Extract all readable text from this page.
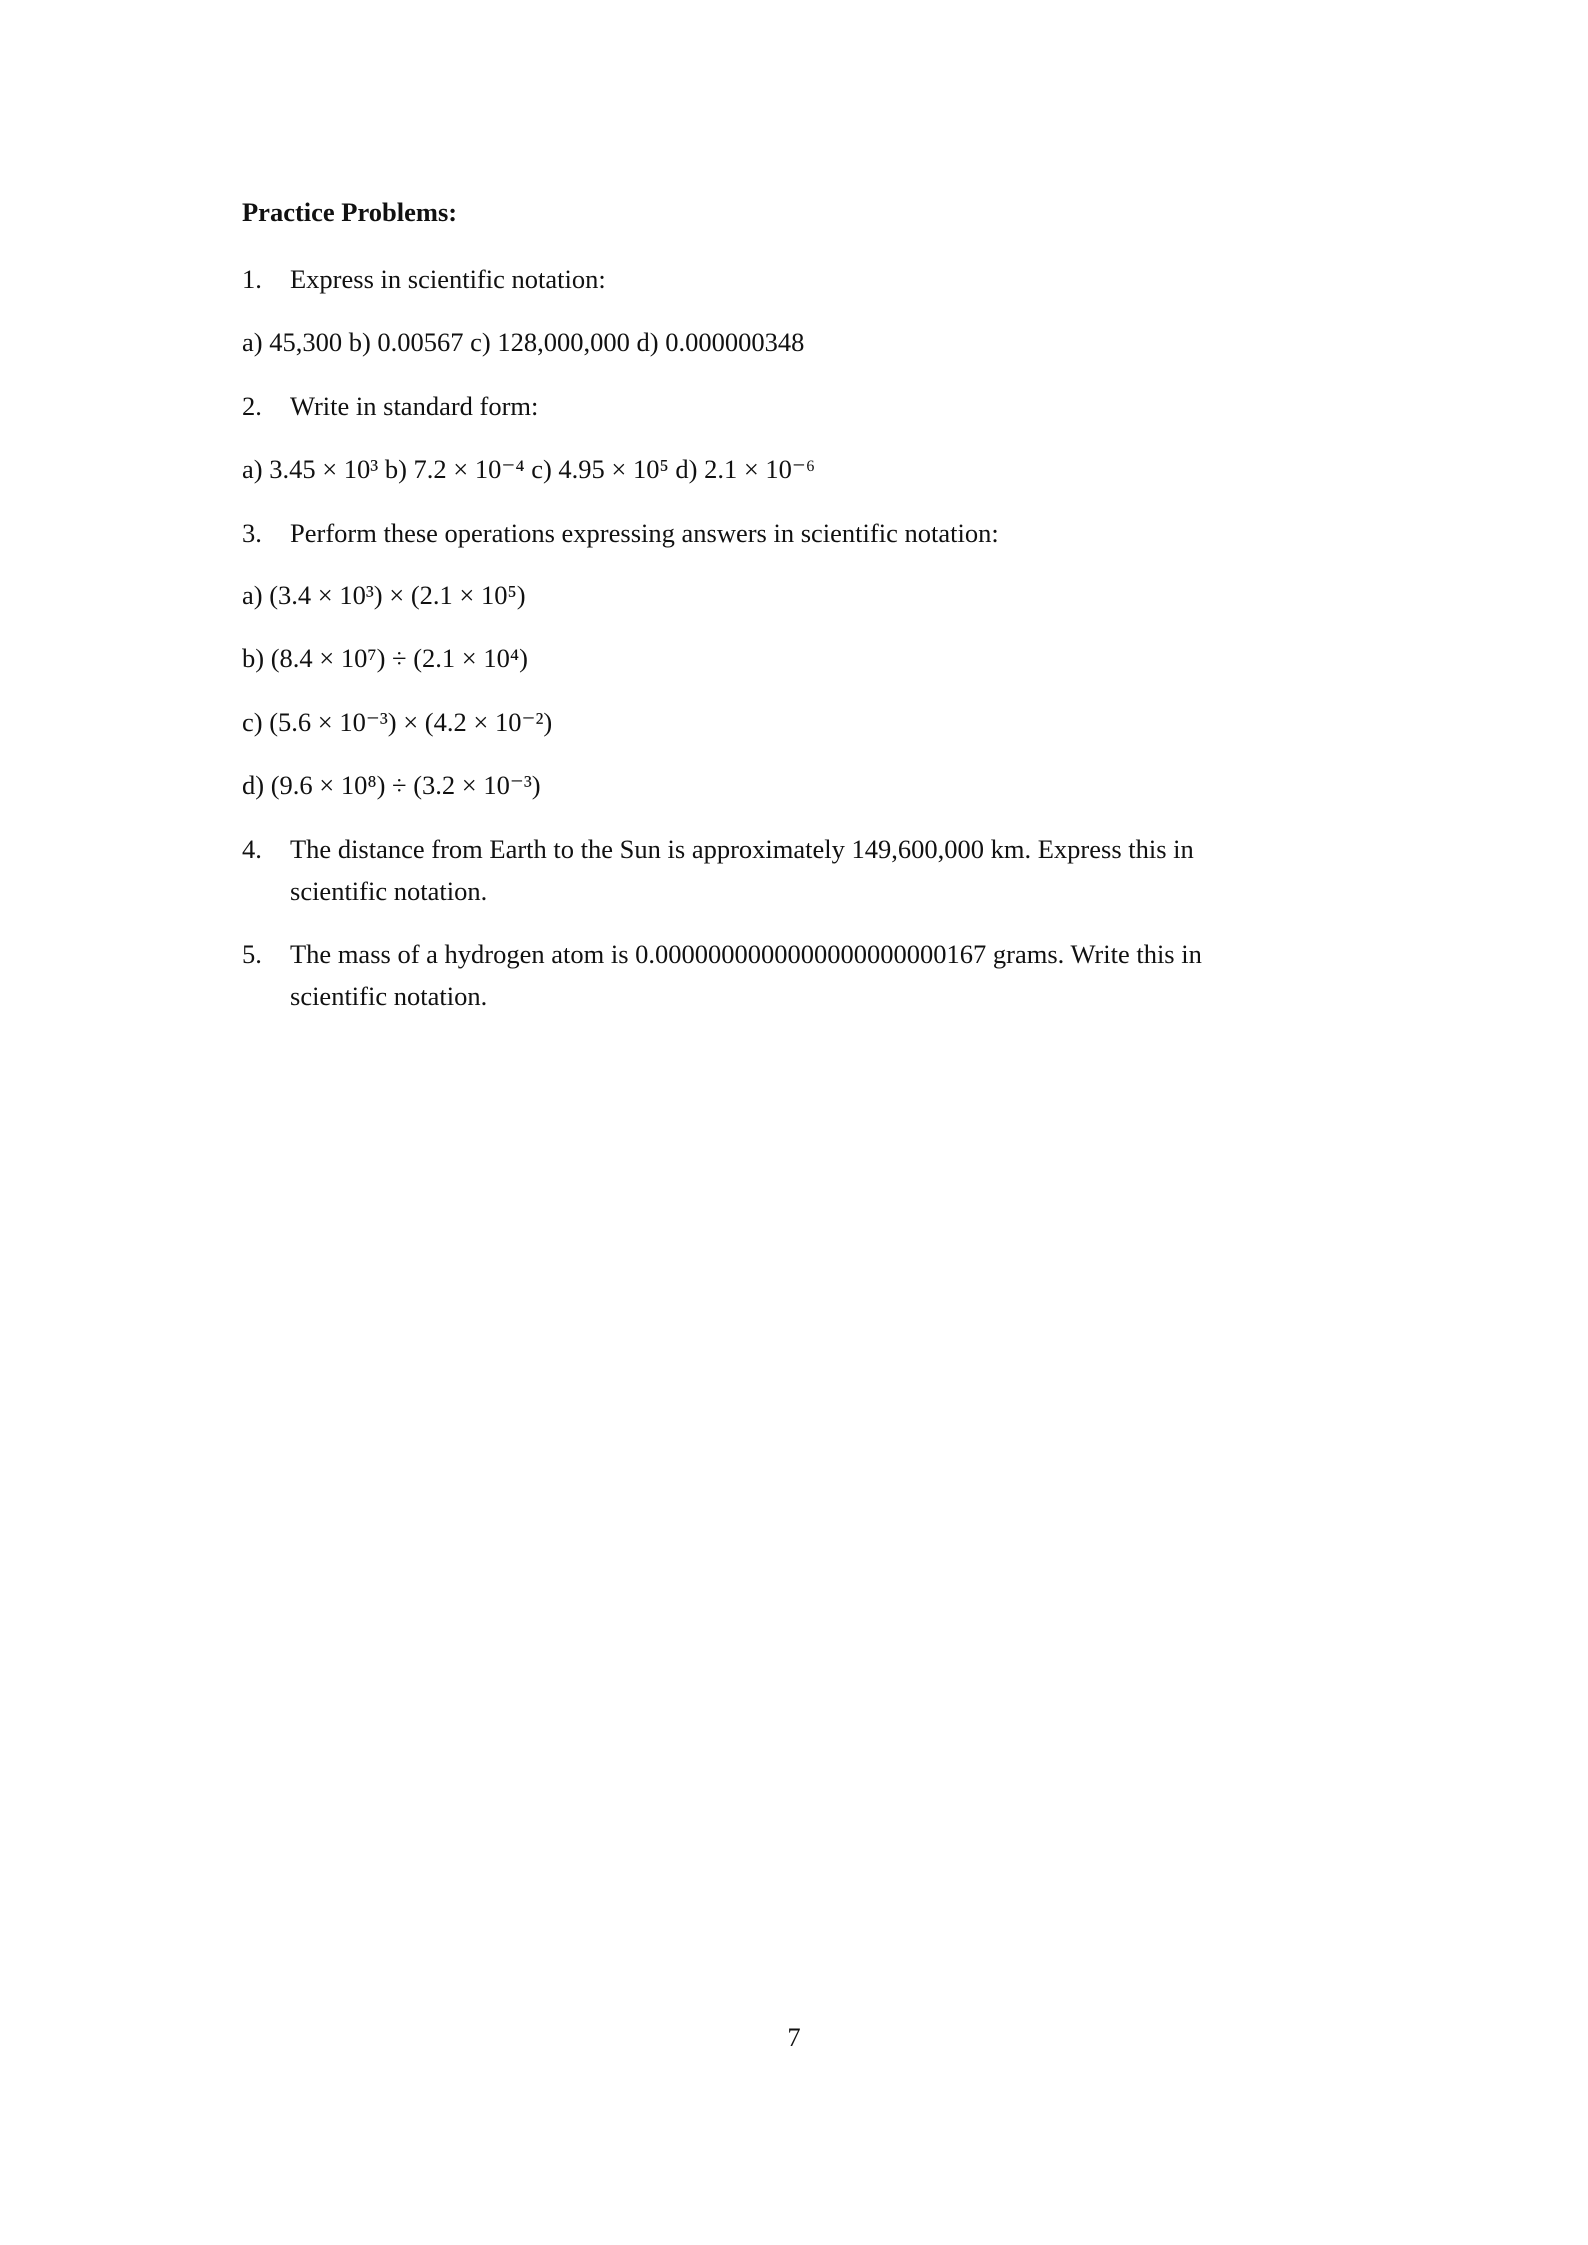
Practice Problems:
1. Express in scientific notation:
a) 45,300 b) 0.00567 c) 128,000,000 d) 0.000000348
2. Write in standard form:
a) 3.45 × 10³ b) 7.2 × 10⁻⁴ c) 4.95 × 10⁵ d) 2.1 × 10⁻⁶
3. Perform these operations expressing answers in scientific notation:
a) (3.4 × 10³) × (2.1 × 10⁵)
b) (8.4 × 10⁷) ÷ (2.1 × 10⁴)
c) (5.6 × 10⁻³) × (4.2 × 10⁻²)
d) (9.6 × 10⁸) ÷ (3.2 × 10⁻³)
4. The distance from Earth to the Sun is approximately 149,600,000 km. Express this in
scientific notation.
5. The mass of a hydrogen atom is 0.0000000000000000000000167 grams. Write this in
scientific notation.
7
